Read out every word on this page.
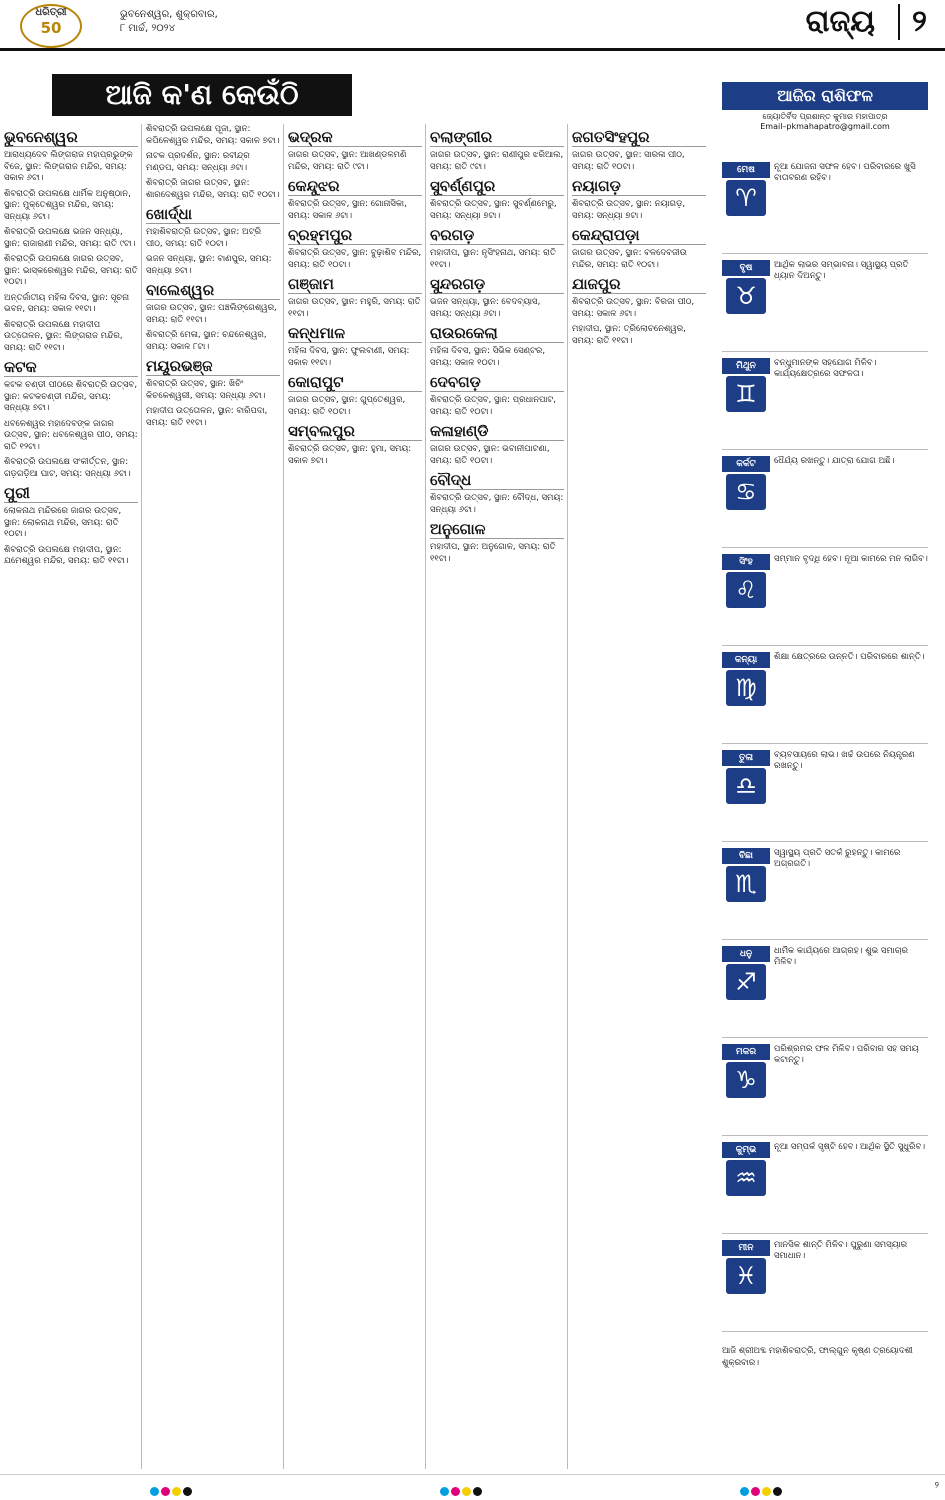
ଧରିତ୍ରୀ
50
ଭୁବନେଶ୍ୱର, ଶୁକ୍ରବାର,
୮ ମାର୍ଚ୍ଚ, ୨୦୨୪	ରାଜ୍ୟ	୨
ଆଜି କ'ଣ କେଉଁଠି
ଭୁବନେଶ୍ୱର

ଆରାଧ୍ୟଦେବ ଲିଙ୍ଗରାଜ ମହାପ୍ରଭୁଙ୍କ ବିଜେ, ସ୍ଥାନ: ଲିଙ୍ଗରାଜ ମନ୍ଦିର, ସମୟ: ସକାଳ ୬ଟା।

ଶିବରାତ୍ରି ଉପଲକ୍ଷେ ଧାର୍ମିକ ଅନୁଷ୍ଠାନ, ସ୍ଥାନ: ମୁକ୍ତେଶ୍ୱର ମନ୍ଦିର, ସମୟ: ସନ୍ଧ୍ୟା ୬ଟା।

ଶିବରାତ୍ରି ଉପଲକ୍ଷେ ଭଜନ ସନ୍ଧ୍ୟା, ସ୍ଥାନ: ରାଜାରାଣୀ ମନ୍ଦିର, ସମୟ: ରାତି ୯ଟା।

ଶିବରାତ୍ରି ଉପଲକ୍ଷେ ଜାଗର ଉତ୍ସବ, ସ୍ଥାନ: ଭାସ୍କରେଶ୍ୱର ମନ୍ଦିର, ସମୟ: ରାତି ୧୦ଟା।

ଅନ୍ତର୍ଜାତୀୟ ମହିଳା ଦିବସ, ସ୍ଥାନ: ସୂଚନା ଭବନ, ସମୟ: ସକାଳ ୧୧ଟା।

ଶିବରାତ୍ରି ଉପଲକ୍ଷେ ମହାଦୀପ ଉତ୍ତୋଳନ, ସ୍ଥାନ: ଲିଙ୍ଗରାଜ ମନ୍ଦିର, ସମୟ: ରାତି ୧୧ଟା।

କଟକ

କଟକ ଚଣ୍ଡୀ ପୀଠରେ ଶିବରାତ୍ରି ଉତ୍ସବ, ସ୍ଥାନ: କଟକଚଣ୍ଡୀ ମନ୍ଦିର, ସମୟ: ସନ୍ଧ୍ୟା ୭ଟା।

ଧବଳେଶ୍ୱର ମହାଦେବଙ୍କ ଜାଗର ଉତ୍ସବ, ସ୍ଥାନ: ଧବଳେଶ୍ୱର ପୀଠ, ସମୟ: ରାତି ୧୨ଟା।

ଶିବରାତ୍ରି ଉପଲକ୍ଷେ ସଂକୀର୍ତ୍ତନ, ସ୍ଥାନ: ଗଡ଼ଗଡ଼ିଆ ଘାଟ, ସମୟ: ସନ୍ଧ୍ୟା ୬ଟା।

ପୁରୀ

ଲୋକନାଥ ମନ୍ଦିରରେ ଜାଗର ଉତ୍ସବ, ସ୍ଥାନ: ଲୋକନାଥ ମନ୍ଦିର, ସମୟ: ରାତି ୧୦ଟା।

ଶିବରାତ୍ରି ଉପଲକ୍ଷେ ମହାଦୀପ, ସ୍ଥାନ: ଯମେଶ୍ୱର ମନ୍ଦିର, ସମୟ: ରାତି ୧୧ଟା।

ଶିବରାତ୍ରି ଉପଲକ୍ଷେ ପୂଜା, ସ୍ଥାନ: କପିଳେଶ୍ୱର ମନ୍ଦିର, ସମୟ: ସକାଳ ୭ଟା।

ନାଟକ ପ୍ରଦର୍ଶନ, ସ୍ଥାନ: ରବୀନ୍ଦ୍ର ମଣ୍ଡପ, ସମୟ: ସନ୍ଧ୍ୟା ୬ଟା।

ଶିବରାତ୍ରି ଜାଗର ଉତ୍ସବ, ସ୍ଥାନ: ଶାରଦେଶ୍ୱର ମନ୍ଦିର, ସମୟ: ରାତି ୧୦ଟା।

ଖୋର୍ଦ୍ଧା

ମହାଶିବରାତ୍ରି ଉତ୍ସବ, ସ୍ଥାନ: ଅଟ୍ରି ପୀଠ, ସମୟ: ରାତି ୧୦ଟା।

ଭଜନ ସନ୍ଧ୍ୟା, ସ୍ଥାନ: ବାଣପୁର, ସମୟ: ସନ୍ଧ୍ୟା ୭ଟା।

ବାଲେଶ୍ୱର

ଜାଗର ଉତ୍ସବ, ସ୍ଥାନ: ପଞ୍ଚଲିଙ୍ଗେଶ୍ୱର, ସମୟ: ରାତି ୧୧ଟା।

ଶିବରାତ୍ରି ମେଳା, ସ୍ଥାନ: ଚନ୍ଦନେଶ୍ୱର, ସମୟ: ସକାଳ ୮ଟା।

ମୟୂରଭଞ୍ଜ

ଶିବରାତ୍ରି ଉତ୍ସବ, ସ୍ଥାନ: ଖିଚିଂ କିଚକେଶ୍ୱରୀ, ସମୟ: ସନ୍ଧ୍ୟା ୬ଟା।

ମହାଦୀପ ଉତ୍ତୋଳନ, ସ୍ଥାନ: ବାରିପଦା, ସମୟ: ରାତି ୧୧ଟା।

ଭଦ୍ରକ

ଜାଗର ଉତ୍ସବ, ସ୍ଥାନ: ଆଖଣ୍ଡଳମଣି ମନ୍ଦିର, ସମୟ: ରାତି ୯ଟା।

କେନ୍ଦୁଝର

ଶିବରାତ୍ରି ଉତ୍ସବ, ସ୍ଥାନ: ଗୋନାସିକା, ସମୟ: ସକାଳ ୬ଟା।

ବ୍ରହ୍ମପୁର

ଶିବରାତ୍ରି ଉତ୍ସବ, ସ୍ଥାନ: ବୁଢ଼ାଶିବ ମନ୍ଦିର, ସମୟ: ରାତି ୧୦ଟା।

ଗଞ୍ଜାମ

ଜାଗର ଉତ୍ସବ, ସ୍ଥାନ: ମହୁରି, ସମୟ: ରାତି ୧୧ଟା।

କନ୍ଧମାଳ

ମହିଳା ଦିବସ, ସ୍ଥାନ: ଫୁଲବାଣୀ, ସମୟ: ସକାଳ ୧୧ଟା।

କୋରାପୁଟ

ଜାଗର ଉତ୍ସବ, ସ୍ଥାନ: ଗୁପ୍ତେଶ୍ୱର, ସମୟ: ରାତି ୧୦ଟା।

ସମ୍ବଲପୁର

ଶିବରାତ୍ରି ଉତ୍ସବ, ସ୍ଥାନ: ହୁମା, ସମୟ: ସକାଳ ୭ଟା।

ବଲାଙ୍ଗୀର

ଜାଗର ଉତ୍ସବ, ସ୍ଥାନ: ରାଣୀପୁର ଝରିଆଲ, ସମୟ: ରାତି ୯ଟା।

ସୁବର୍ଣ୍ଣପୁର

ଶିବରାତ୍ରି ଉତ୍ସବ, ସ୍ଥାନ: ସୁବର୍ଣ୍ଣମେରୁ, ସମୟ: ସନ୍ଧ୍ୟା ୭ଟା।

ବରଗଡ଼

ମହାଦୀପ, ସ୍ଥାନ: ନୃସିଂହନାଥ, ସମୟ: ରାତି ୧୧ଟା।

ସୁନ୍ଦରଗଡ଼

ଭଜନ ସନ୍ଧ୍ୟା, ସ୍ଥାନ: ବେଦବ୍ୟାସ, ସମୟ: ସନ୍ଧ୍ୟା ୬ଟା।

ରାଉରକେଲା

ମହିଳା ଦିବସ, ସ୍ଥାନ: ସିଭିକ ସେଣ୍ଟର, ସମୟ: ସକାଳ ୧୦ଟା।

ଦେବଗଡ଼

ଶିବରାତ୍ରି ଉତ୍ସବ, ସ୍ଥାନ: ପ୍ରଧାନପାଟ, ସମୟ: ରାତି ୧୦ଟା।

କଳାହାଣ୍ଡି

ଜାଗର ଉତ୍ସବ, ସ୍ଥାନ: ଭବାନୀପାଟଣା, ସମୟ: ରାତି ୧୦ଟା।

ବୌଦ୍ଧ

ଶିବରାତ୍ରି ଉତ୍ସବ, ସ୍ଥାନ: ବୌଦ୍ଧ, ସମୟ: ସନ୍ଧ୍ୟା ୬ଟା।

ଅନୁଗୋଳ

ମହାଦୀପ, ସ୍ଥାନ: ଅନୁଗୋଳ, ସମୟ: ରାତି ୧୧ଟା।

ଜଗତସିଂହପୁର

ଜାଗର ଉତ୍ସବ, ସ୍ଥାନ: ସାରଳା ପୀଠ, ସମୟ: ରାତି ୧୦ଟା।

ନୟାଗଡ଼

ଶିବରାତ୍ରି ଉତ୍ସବ, ସ୍ଥାନ: ନୟାଗଡ଼, ସମୟ: ସନ୍ଧ୍ୟା ୭ଟା।

କେନ୍ଦ୍ରାପଡ଼ା

ଜାଗର ଉତ୍ସବ, ସ୍ଥାନ: ବଳଦେବଜୀଉ ମନ୍ଦିର, ସମୟ: ରାତି ୧୦ଟା।

ଯାଜପୁର

ଶିବରାତ୍ରି ଉତ୍ସବ, ସ୍ଥାନ: ବିରଜା ପୀଠ, ସମୟ: ସକାଳ ୬ଟା।

ମହାଦୀପ, ସ୍ଥାନ: ତ୍ରିଲୋଚନେଶ୍ୱର, ସମୟ: ରାତି ୧୧ଟା।

ଆଜିର ରାଶିଫଳ
ଜ୍ୟୋତିର୍ବିଦ ପ୍ରଶାନ୍ତ କୁମାର ମହାପାତ୍ର
Email–pkmahapatro@gmail.com
ମେଷ
♈
ନୂଆ ଯୋଜନା ସଫଳ ହେବ। ପରିବାରରେ ଖୁସି ବାତାବରଣ ରହିବ।
ବୃଷ
♉
ଆର୍ଥିକ ଲାଭର ସମ୍ଭାବନା। ସ୍ୱାସ୍ଥ୍ୟ ପ୍ରତି ଧ୍ୟାନ ଦିଅନ୍ତୁ।
ମିଥୁନ
♊
ବନ୍ଧୁମାନଙ୍କ ସହଯୋଗ ମିଳିବ। କାର୍ଯ୍ୟକ୍ଷେତ୍ରରେ ସଫଳତା।
କର୍କଟ
♋
ଧୈର୍ଯ୍ୟ ରଖନ୍ତୁ। ଯାତ୍ରା ଯୋଗ ଅଛି।
ସିଂହ
♌
ସମ୍ମାନ ବୃଦ୍ଧି ହେବ। ନୂଆ କାମରେ ମନ ଲାଗିବ।
କନ୍ୟା
♍
ଶିକ୍ଷା କ୍ଷେତ୍ରରେ ଉନ୍ନତି। ପରିବାରରେ ଶାନ୍ତି।
ତୁଳା
♎
ବ୍ୟବସାୟରେ ଲାଭ। ଖର୍ଚ୍ଚ ଉପରେ ନିୟନ୍ତ୍ରଣ ରଖନ୍ତୁ।
ବିଛା
♏
ସ୍ୱାସ୍ଥ୍ୟ ପ୍ରତି ସତର୍କ ରୁହନ୍ତୁ। କାମରେ ଅଗ୍ରଗତି।
ଧନୁ
♐
ଧାର୍ମିକ କାର୍ଯ୍ୟରେ ଆଗ୍ରହ। ଶୁଭ ସମାଚାର ମିଳିବ।
ମକର
♑
ପରିଶ୍ରମର ଫଳ ମିଳିବ। ପରିବାର ସହ ସମୟ କଟାନ୍ତୁ।
କୁମ୍ଭ
♒
ନୂଆ ସମ୍ପର୍କ ସୃଷ୍ଟି ହେବ। ଆର୍ଥିକ ସ୍ଥିତି ସୁଧୁରିବ।
ମୀନ
♓
ମାନସିକ ଶାନ୍ତି ମିଳିବ। ପୁରୁଣା ସମସ୍ୟାର ସମାଧାନ।
ଆଜି ଶ୍ରୀଅବ୍ଦ ମହାଶିବରାତ୍ରି, ଫାଲ୍‌ଗୁନ କୃଷ୍ଣ ତ୍ରୟୋଦଶୀ ଶୁକ୍ରବାର।
୨
